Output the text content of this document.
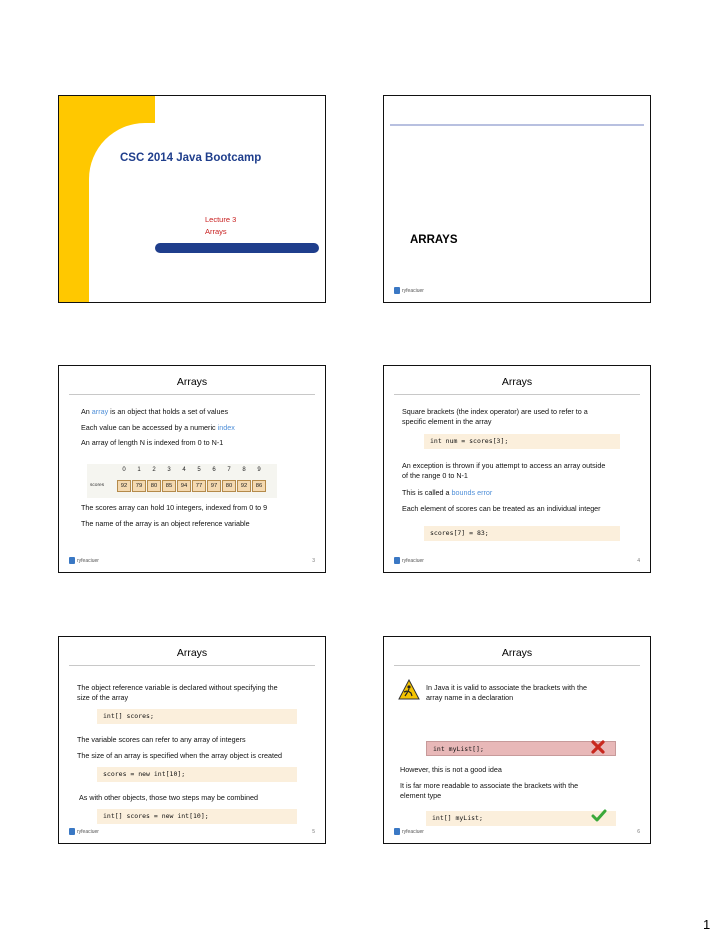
CSC 2014 Java Bootcamp
Lecture 3
Arrays
ARRAYS
ryfeaciuer
Arrays
An array is an object that holds a set of values
Each value can be accessed by a numeric index
An array of length N is indexed from 0 to N-1
scores
0	1	2	3	4	5	6	7	8	9
92	79	80	85	94	77	97	80	92	86
The scores array can hold 10 integers, indexed from 0 to 9
The name of the array is an object reference variable
ryfeaciuer	3
Arrays
Square brackets (the index operator) are used to refer to a
specific element in the array
int num = scores[3];
An exception is thrown if you attempt to access an array outside
of the range 0 to N-1
This is called a bounds error
Each element of scores can be treated as an individual integer
scores[7] = 83;
ryfeaciuer	4
Arrays
The object reference variable is declared without specifying the
size of the array
int[] scores;
The variable scores can refer to any array of integers
The size of an array is specified when the array object is created
scores = new int[10];
As with other objects, those two steps may be combined
int[] scores = new int[10];
ryfeaciuer	5
Arrays
In Java it is valid to associate the brackets with the
array name in a declaration
int myList[];
However, this is not a good idea
It is far more readable to associate the brackets with the
element type
int[] myList;
ryfeaciuer	6
1
